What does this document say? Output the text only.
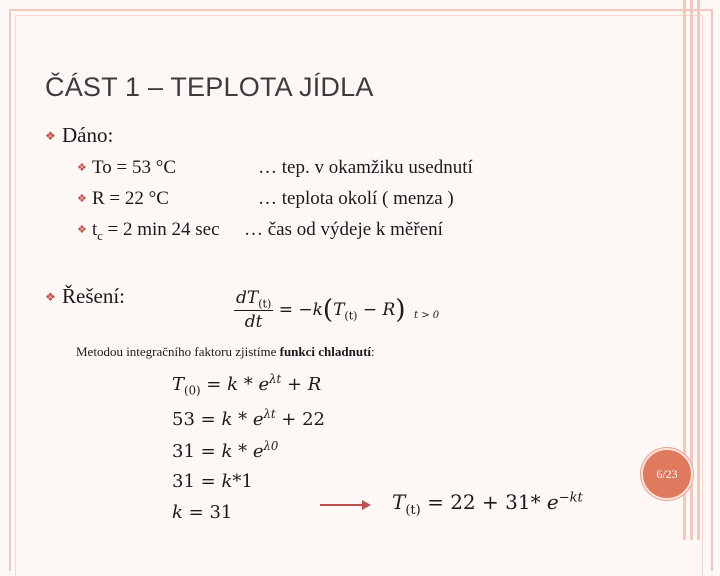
ČÁST 1 – TEPLOTA JÍDLA
❖ Dáno:
❖ To = 53 °C	… tep. v okamžiku usednutí
❖ R = 22 °C	… teplota okolí ( menza )
❖ $t_c = 2$ min 24 sec … čas od výdeje k měření
❖ Řešení:	$\frac{dT_{(t)}}{dt} = -k(T_{(t)} - R) t > 0$
Metodou integračního faktoru zjistíme funkci chladnutí:
$T_{(0)} = k * e^{\lambda t} + R$
$53 = k * e^{\lambda t} + 22$
$31 = k * e^{\lambda 0}$
31 = k*1
k = 31	$T_{(t)} = 22 + 31*$ $e^{-kt}$
6/23
